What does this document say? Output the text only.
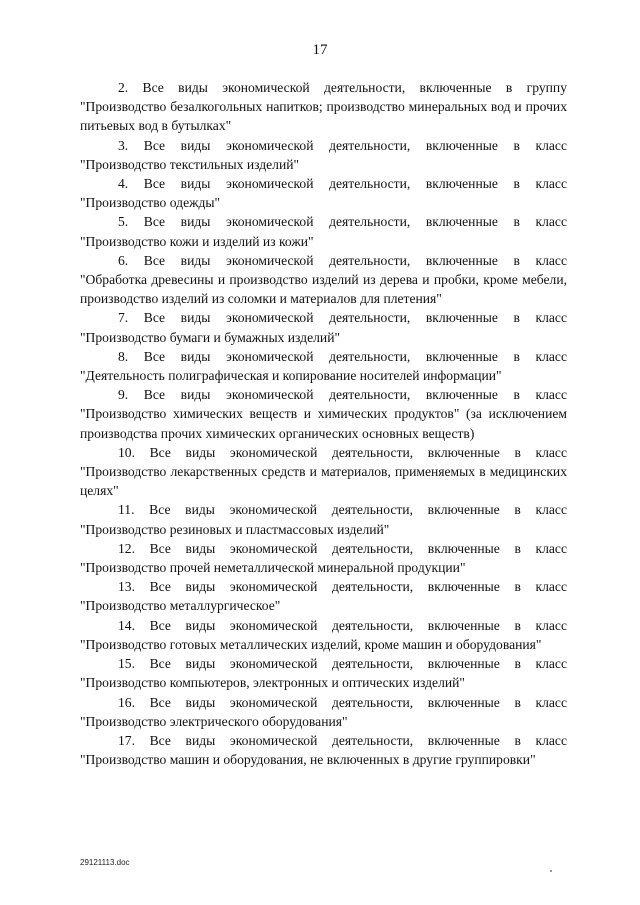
17
2. Все виды экономической деятельности, включенные в группу
"Производство безалкогольных напитков; производство минеральных вод и прочих питьевых вод в бутылках"
3. Все виды экономической деятельности, включенные в класс
"Производство текстильных изделий"
4. Все виды экономической деятельности, включенные в класс
"Производство одежды"
5. Все виды экономической деятельности, включенные в класс
"Производство кожи и изделий из кожи"
6. Все виды экономической деятельности, включенные в класс
"Обработка древесины и производство изделий из дерева и пробки, кроме мебели, производство изделий из соломки и материалов для плетения"
7. Все виды экономической деятельности, включенные в класс
"Производство бумаги и бумажных изделий"
8. Все виды экономической деятельности, включенные в класс
"Деятельность полиграфическая и копирование носителей информации"
9. Все виды экономической деятельности, включенные в класс
"Производство химических веществ и химических продуктов" (за исключением производства прочих химических органических основных веществ)
10. Все виды экономической деятельности, включенные в класс
"Производство лекарственных средств и материалов, применяемых в медицинских целях"
11. Все виды экономической деятельности, включенные в класс
"Производство резиновых и пластмассовых изделий"
12. Все виды экономической деятельности, включенные в класс
"Производство прочей неметаллической минеральной продукции"
13. Все виды экономической деятельности, включенные в класс
"Производство металлургическое"
14. Все виды экономической деятельности, включенные в класс
"Производство готовых металлических изделий, кроме машин и оборудования"
15. Все виды экономической деятельности, включенные в класс
"Производство компьютеров, электронных и оптических изделий"
16. Все виды экономической деятельности, включенные в класс
"Производство электрического оборудования"
17. Все виды экономической деятельности, включенные в класс
"Производство машин и оборудования, не включенных в другие группировки"
29121113.doc
